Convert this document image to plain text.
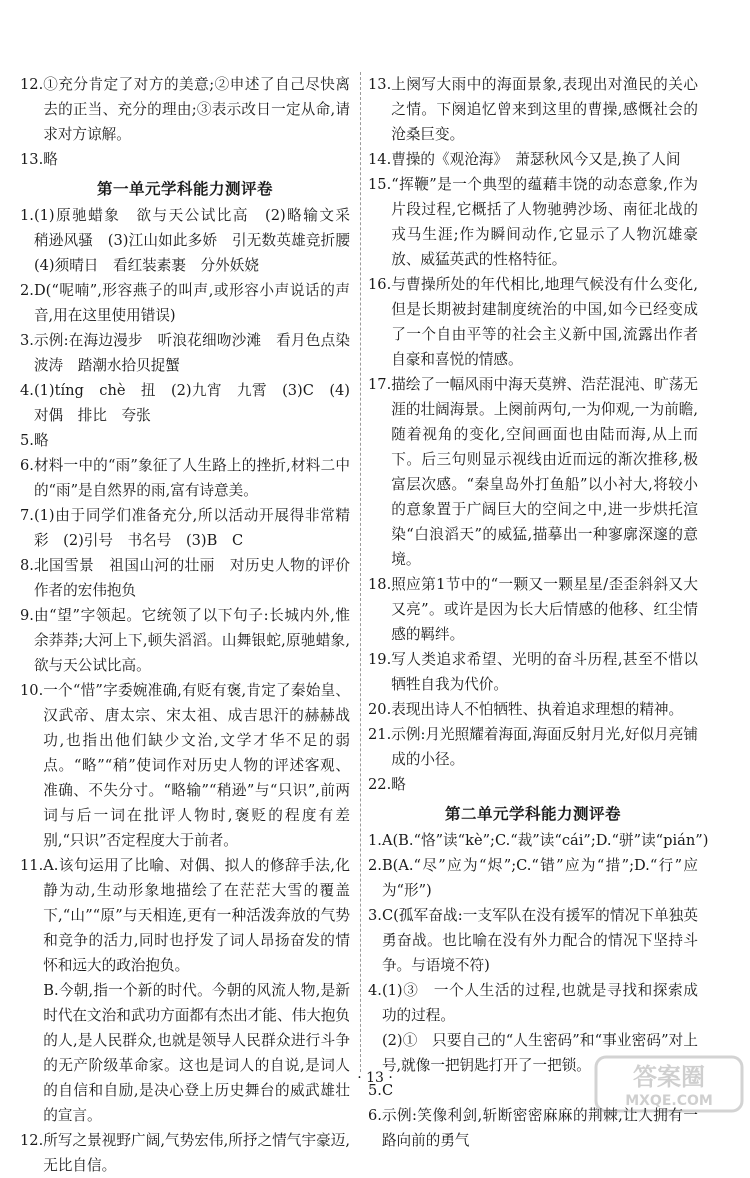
12. ①充分肯定了对方的美意;②申述了自己尽快离去的正当、充分的理由;③表示改日一定从命,请求对方谅解。
13. 略
第一单元学科能力测评卷
1. (1)原驰蜡象　欲与天公试比高　(2)略输文采　稍逊风骚　(3)江山如此多娇　引无数英雄竞折腰　(4)须晴日　看红装素裹　分外妖娆
2. D(“呢喃”,形容燕子的叫声,或形容小声说话的声音,用在这里使用错误)
3. 示例:在海边漫步　听浪花细吻沙滩　看月色点染波涛　踏潮水拾贝捉蟹
4. (1)tíng　chè　扭　(2)九宵　九霄　(3)C　(4)对偶　排比　夸张
5. 略
6. 材料一中的“雨”象征了人生路上的挫折,材料二中的“雨”是自然界的雨,富有诗意美。
7. (1)由于同学们准备充分,所以活动开展得非常精彩　(2)引号　书名号　(3)B　C
8. 北国雪景　祖国山河的壮丽　对历史人物的评价　作者的宏伟抱负
9. 由“望”字领起。它统领了以下句子:长城内外,惟余莽莽;大河上下,顿失滔滔。山舞银蛇,原驰蜡象,欲与天公试比高。
10. 一个“惜”字委婉准确,有贬有褒,肯定了秦始皇、汉武帝、唐太宗、宋太祖、成吉思汗的赫赫战功,也指出他们缺少文治,文学才华不足的弱点。“略”“稍”使词作对历史人物的评述客观、准确、不失分寸。“略输”“稍逊”与“只识”,前两词与后一词在批评人物时,褒贬的程度有差别,“只识”否定程度大于前者。
11. A.该句运用了比喻、对偶、拟人的修辞手法,化静为动,生动形象地描绘了在茫茫大雪的覆盖下,“山”“原”与天相连,更有一种活泼奔放的气势和竞争的活力,同时也抒发了词人昂扬奋发的情怀和远大的政治抱负。
B.今朝,指一个新的时代。今朝的风流人物,是新时代在文治和武功方面都有杰出才能、伟大抱负的人,是人民群众,也就是领导人民群众进行斗争的无产阶级革命家。这也是词人的自说,是词人的自信和自励,是决心登上历史舞台的威武雄壮的宣言。
12. 所写之景视野广阔,气势宏伟,所抒之情气宇豪迈,无比自信。
13. 上阕写大雨中的海面景象,表现出对渔民的关心之情。下阕追忆曾来到这里的曹操,感慨社会的沧桑巨变。
14. 曹操的《观沧海》　萧瑟秋风今又是,换了人间
15. “挥鞭”是一个典型的蕴藉丰饶的动态意象,作为片段过程,它概括了人物驰骋沙场、南征北战的戎马生涯;作为瞬间动作,它显示了人物沉雄豪放、威猛英武的性格特征。
16. 与曹操所处的年代相比,地理气候没有什么变化,但是长期被封建制度统治的中国,如今已经变成了一个自由平等的社会主义新中国,流露出作者自豪和喜悦的情感。
17. 描绘了一幅风雨中海天莫辨、浩茫混沌、旷荡无涯的壮阔海景。上阕前两句,一为仰观,一为前瞻,随着视角的变化,空间画面也由陆而海,从上而下。后三句则显示视线由近而远的渐次推移,极富层次感。“秦皇岛外打鱼船”以小衬大,将较小的意象置于广阔巨大的空间之中,进一步烘托渲染“白浪滔天”的威猛,描摹出一种寥廓深邃的意境。
18. 照应第1节中的“一颗又一颗星星/歪歪斜斜又大又亮”。或许是因为长大后情感的他移、红尘情感的羁绊。
19. 写人类追求希望、光明的奋斗历程,甚至不惜以牺牲自我为代价。
20. 表现出诗人不怕牺牲、执着追求理想的精神。
21. 示例:月光照耀着海面,海面反射月光,好似月亮铺成的小径。
22. 略
第二单元学科能力测评卷
1. A(B.“恪”读“kè”;C.“裁”读“cái”;D.“骈”读“pián”)
2. B(A.“尽”应为“烬”;C.“错”应为“措”;D.“行”应为“形”)
3. C(孤军奋战:一支军队在没有援军的情况下单独英勇奋战。也比喻在没有外力配合的情况下坚持斗争。与语境不符)
4. (1)③　一个人生活的过程,也就是寻找和探索成功的过程。
(2)①　只要自己的“人生密码”和“事业密码”对上号,就像一把钥匙打开了一把锁。
5. C
6. 示例:笑像利剑,斩断密密麻麻的荆棘,让人拥有一路向前的勇气
· 13 ·	答案圈
MXQE.COM
